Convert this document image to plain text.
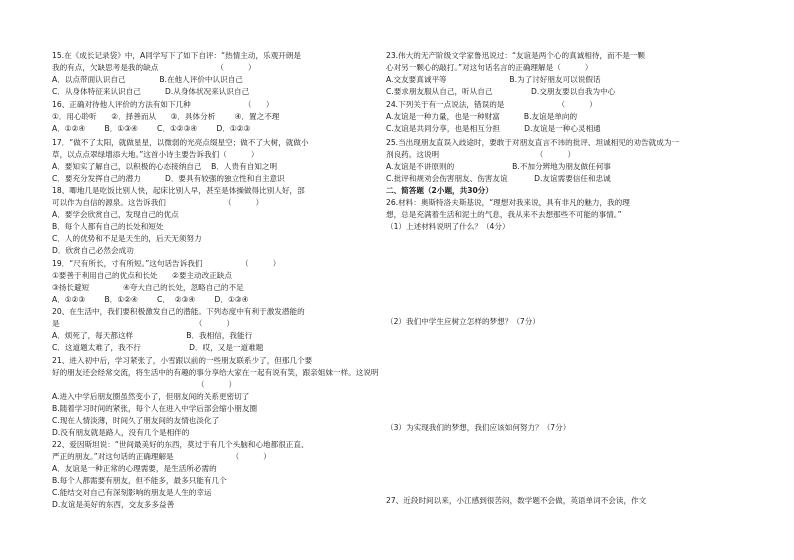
15.在《成长记录袋》中，A同学写下了如下自评：“热情主动，乐观开朗是
我的有点，欠缺思考是我的缺点                        （          ）
A．以点带面认识自己              B.在他人评价中认识自己
C．从身体特征来认识自己          D.从身体状况来认识自己
16、正确对待他人评价的方法有如下几种                      （      ）
①．用心聆听      ②．择善而从      ③．具体分析        ④．置之不理
A．①②④        B．①③④        C．①②③④        D．①②③
17．“做不了太阳，就做星星，以微弱的光亮点缀星空；做不了大树，就做小
草，以点点翠绿增添大地。”这首小诗主要告诉我们（          ）
A．要知实了解自己，以积极的心态接纳自己    B．人贵有自知之明
C．要充分发挥自己的潜力          D．要具有较强的独立性和自主意识
18、唧地几是吃饭比别人快，起床比别人早，甚至是体操做得比别人好，部
可以作为自信的源泉。这告诉我们                        （          ）
A．要学会欣赏自己，发现自己的优点
B．每个人都有自己的长处和短处
C．人的优势和不足是天生的，后天无须努力
D．欣赏自己必然会成功
19．“尺有所长，寸有所短。”这句话告诉我们                （          ）
①要善于利用自己的优点和长处      ②要主动改正缺点
③扬长避短              ④夸大自己的长处，忽略自己的不足
A．①②③        B．①②④        C．  ②③④        D．①③④
20、在生活中，我们要积极激发自己的潜能。下列态度中有利于激发潜能的
是                                                        （          ）
A．烦死了，每天都这样                      B．我相信，我能行
C．这道题太难了，我不行                    D．哎，又是一道难题
21、进入初中后，学习紧张了，小雪跟以前的一些朋友联系少了，但那几个要
好的朋友还会经常交流，将生活中的有趣的事分享给大家在一起有说有笑，跟亲姐妹一样。这说明
（          ）
A.进入中学后朋友圈虽然变小了，但朋友间的关系更密切了
B.随着学习时间的紧张，每个人在进入中学后部会缩小朋友圈
C.现在人情淡薄，时间久了朋友间的友情也淡化了
D.没有朋友就是路人，没有几个是相伴的
22、爱因斯坦说：“世间最美好的东西，莫过于有几个头脑和心地都很正直、
严正的朋友。”对这句话的正确理解是                        （          ）
A．友谊是一种正常的心理需要，是生活所必需的
B.每个人都需要有朋友，但不能多，最多只能有几个
C.能结交对自己有深刻影响的朋友是人生的幸运
D.友谊是美好的东西，交友多多益善
23.伟大的无产阶级文学家鲁迅说过：“友谊是两个心的真诚相待，而不是一颗
心对另一颗心的敲打。”对这句话名言的正确理解是（          ）
A.交友要真诚平等                          B.为了讨好朋友可以说假话
C.要求朋友服从自己，听从自己                D.交朋友要以自我为中心
24.下列关于有一点说法，错误的是                      （          ）
A.友谊是一种力量，也是一种财富          B.友谊是单向的
C.友谊是共同分享，也是相互分担          D.友谊是一种心灵相通
25.当出现朋友直误入歧途时，要敢于对朋友直言不讳的批评、坦诚相见的劝告就成为一
剂良药。这说明                                        （          ）
A.友谊是不讲原则的                        B.不加分辨地为朋友做任何事
C.批评和规劝会伤害朋友、伤害友谊           D.友谊需要信任和忠诚
二、简答题（2小题，共30分）
26.材料：奥斯特洛夫斯基说，“理想对我来说，具有非凡的魅力，我的理
想，总是充满着生活和泥土的气息，我从来不去想那些不可能的事情。”
（1）上述材料说明了什么？（4分）
（2）我们中学生应树立怎样的梦想？（7分）
（3）为实现我们的梦想，我们应该如何努力？（7分）
27、近段时间以来，小江感到很苦闷，数学题不会做，英语单词不会读，作文
